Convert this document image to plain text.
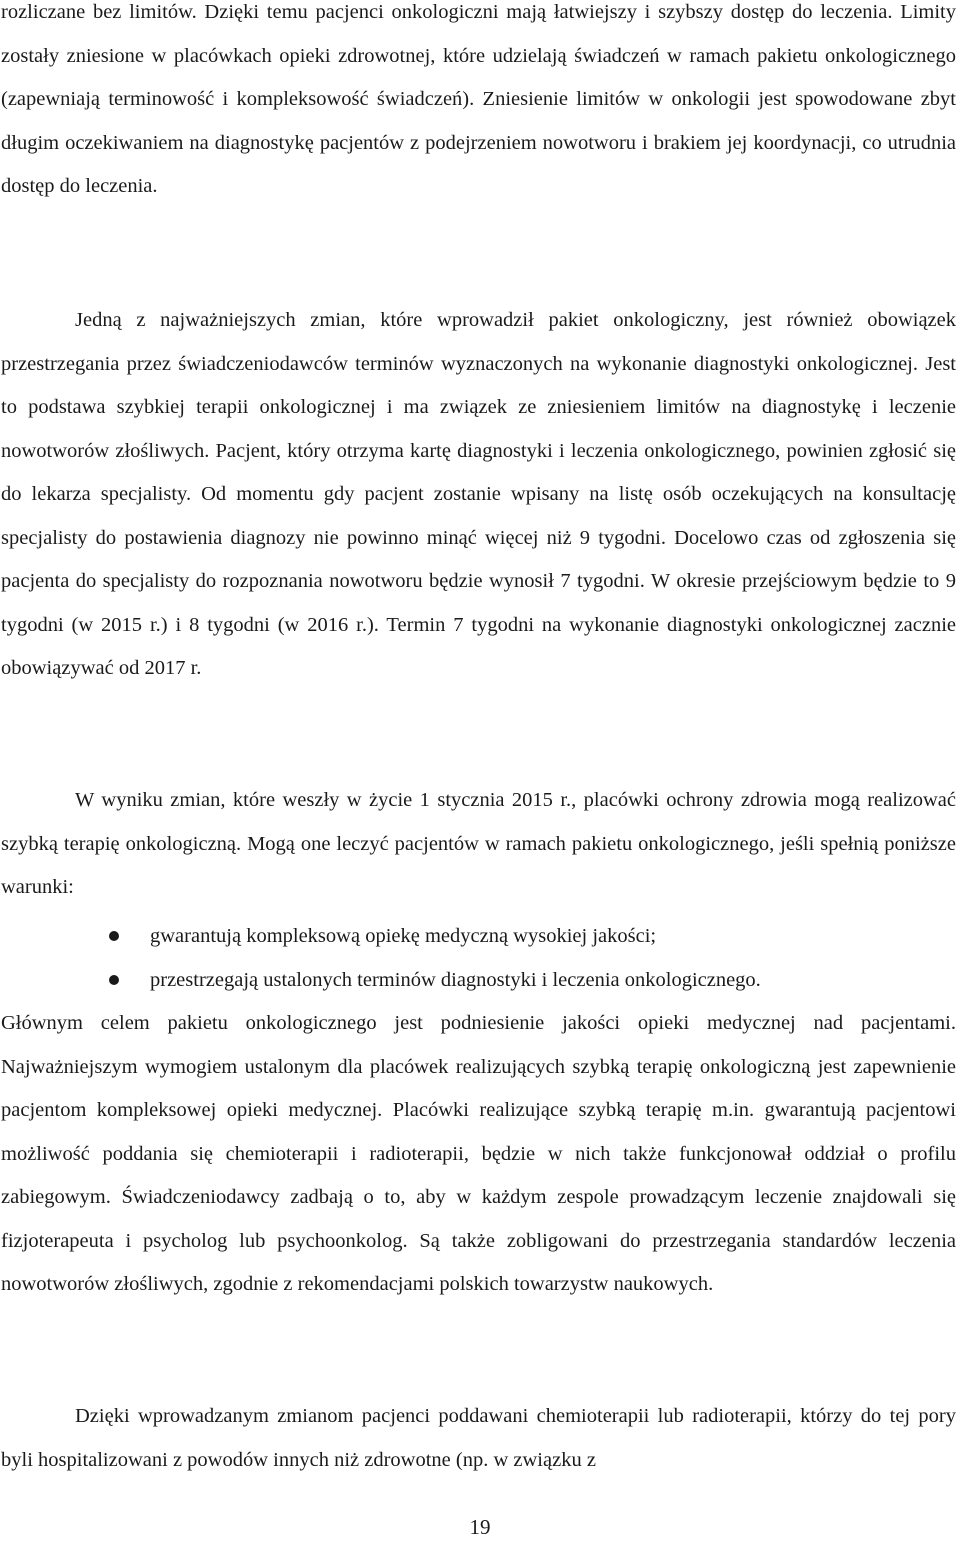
rozliczane bez limitów. Dzięki temu pacjenci onkologiczni mają łatwiejszy i szybszy dostęp do leczenia. Limity zostały zniesione w placówkach opieki zdrowotnej, które udzielają świadczeń w ramach pakietu onkologicznego (zapewniają terminowość i kompleksowość świadczeń). Zniesienie limitów w onkologii jest spowodowane zbyt długim oczekiwaniem na diagnostykę pacjentów z podejrzeniem nowotworu i brakiem jej koordynacji, co utrudnia dostęp do leczenia.

Jedną z najważniejszych zmian, które wprowadził pakiet onkologiczny, jest również obowiązek przestrzegania przez świadczeniodawców terminów wyznaczonych na wykonanie diagnostyki onkologicznej. Jest to podstawa szybkiej terapii onkologicznej i ma związek ze zniesieniem limitów na diagnostykę i leczenie nowotworów złośliwych. Pacjent, który otrzyma kartę diagnostyki i leczenia onkologicznego, powinien zgłosić się do lekarza specjalisty. Od momentu gdy pacjent zostanie wpisany na listę osób oczekujących na konsultację specjalisty do postawienia diagnozy nie powinno minąć więcej niż 9 tygodni. Docelowo czas od zgłoszenia się pacjenta do specjalisty do rozpoznania nowotworu będzie wynosił 7 tygodni. W okresie przejściowym będzie to 9 tygodni (w 2015 r.) i 8 tygodni (w 2016 r.). Termin 7 tygodni na wykonanie diagnostyki onkologicznej zacznie obowiązywać od 2017 r.

W wyniku zmian, które weszły w życie 1 stycznia 2015 r., placówki ochrony zdrowia mogą realizować szybką terapię onkologiczną. Mogą one leczyć pacjentów w ramach pakietu onkologicznego, jeśli spełnią poniższe warunki:

gwarantują kompleksową opiekę medyczną wysokiej jakości;
przestrzegają ustalonych terminów diagnostyki i leczenia onkologicznego.

Głównym celem pakietu onkologicznego jest podniesienie jakości opieki medycznej nad pacjentami. Najważniejszym wymogiem ustalonym dla placówek realizujących szybką terapię onkologiczną jest zapewnienie pacjentom kompleksowej opieki medycznej. Placówki realizujące szybką terapię m.in. gwarantują pacjentowi możliwość poddania się chemioterapii i radioterapii, będzie w nich także funkcjonował oddział o profilu zabiegowym. Świadczeniodawcy zadbają o to, aby w każdym zespole prowadzącym leczenie znajdowali się fizjoterapeuta i psycholog lub psychoonkolog. Są także zobligowani do przestrzegania standardów leczenia nowotworów złośliwych, zgodnie z rekomendacjami polskich towarzystw naukowych.

Dzięki wprowadzanym zmianom pacjenci poddawani chemioterapii lub radioterapii, którzy do tej pory byli hospitalizowani z powodów innych niż zdrowotne (np. w związku z

19
